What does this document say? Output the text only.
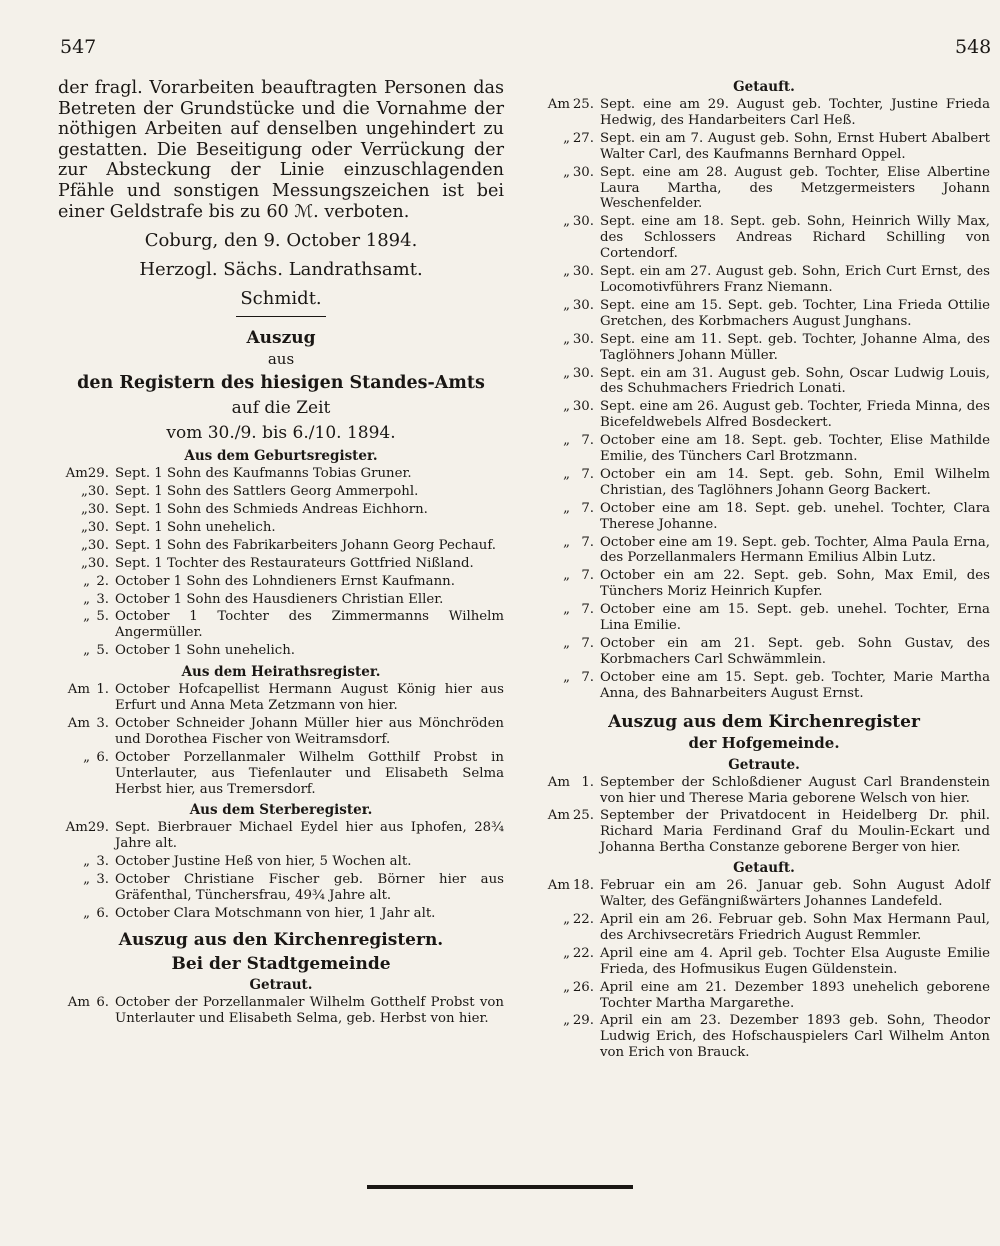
547	548

der fragl. Vorarbeiten beauftragten Personen das Betreten der Grundstücke und die Vornahme der nöthigen Arbeiten auf denselben ungehindert zu gestatten. Die Beseitigung oder Verrückung der zur Absteckung der Linie einzuschlagenden Pfähle und sonstigen Messungszeichen ist bei einer Geldstrafe bis zu 60 ℳ. verboten.

Coburg, den 9. October 1894.

Herzogl. Sächs. Landrathsamt.

Schmidt.

Auszug

aus

den Registern des hiesigen Standes-Amts

auf die Zeit

vom 30./9. bis 6./10. 1894.

Aus dem Geburtsregister.

Am 29. Sept. 1 Sohn des Kaufmanns Tobias Gruner.
„ 30. Sept. 1 Sohn des Sattlers Georg Ammerpohl.
„ 30. Sept. 1 Sohn des Schmieds Andreas Eichhorn.
„ 30. Sept. 1 Sohn unehelich.
„ 30. Sept. 1 Sohn des Fabrikarbeiters Johann Georg Pechauf.
„ 30. Sept. 1 Tochter des Restaurateurs Gottfried Nißland.
„ 2. October 1 Sohn des Lohndieners Ernst Kaufmann.
„ 3. October 1 Sohn des Hausdieners Christian Eller.
„ 5. October 1 Tochter des Zimmermanns Wilhelm Angermüller.
„ 5. October 1 Sohn unehelich.

Aus dem Heirathsregister.

Am 1. October Hofcapellist Hermann August König hier aus Erfurt und Anna Meta Zetzmann von hier.
Am 3. October Schneider Johann Müller hier aus Mönchröden und Dorothea Fischer von Weitramsdorf.
„ 6. October Porzellanmaler Wilhelm Gotthilf Probst in Unterlauter, aus Tiefenlauter und Elisabeth Selma Herbst hier, aus Tremersdorf.

Aus dem Sterberegister.

Am 29. Sept. Bierbrauer Michael Eydel hier aus Iphofen, 28¾ Jahre alt.
„ 3. October Justine Heß von hier, 5 Wochen alt.
„ 3. October Christiane Fischer geb. Börner hier aus Gräfenthal, Tünchersfrau, 49¾ Jahre alt.
„ 6. October Clara Motschmann von hier, 1 Jahr alt.

Auszug aus den Kirchenregistern.

Bei der Stadtgemeinde

Getraut.

Am 6. October der Porzellanmaler Wilhelm Gotthelf Probst von Unterlauter und Elisabeth Selma, geb. Herbst von hier.

Getauft.

Am 25. Sept. eine am 29. August geb. Tochter, Justine Frieda Hedwig, des Handarbeiters Carl Heß.
„ 27. Sept. ein am 7. August geb. Sohn, Ernst Hubert Abalbert Walter Carl, des Kaufmanns Bernhard Oppel.
„ 30. Sept. eine am 28. August geb. Tochter, Elise Albertine Laura Martha, des Metzgermeisters Johann Weschenfelder.
„ 30. Sept. eine am 18. Sept. geb. Sohn, Heinrich Willy Max, des Schlossers Andreas Richard Schilling von Cortendorf.
„ 30. Sept. ein am 27. August geb. Sohn, Erich Curt Ernst, des Locomotivführers Franz Niemann.
„ 30. Sept. eine am 15. Sept. geb. Tochter, Lina Frieda Ottilie Gretchen, des Korbmachers August Junghans.
„ 30. Sept. eine am 11. Sept. geb. Tochter, Johanne Alma, des Taglöhners Johann Müller.
„ 30. Sept. ein am 31. August geb. Sohn, Oscar Ludwig Louis, des Schuhmachers Friedrich Lonati.
„ 30. Sept. eine am 26. August geb. Tochter, Frieda Minna, des Bicefeldwebels Alfred Bosdeckert.
„ 7. October eine am 18. Sept. geb. Tochter, Elise Mathilde Emilie, des Tünchers Carl Brotzmann.
„ 7. October ein am 14. Sept. geb. Sohn, Emil Wilhelm Christian, des Taglöhners Johann Georg Backert.
„ 7. October eine am 18. Sept. geb. unehel. Tochter, Clara Therese Johanne.
„ 7. October eine am 19. Sept. geb. Tochter, Alma Paula Erna, des Porzellanmalers Hermann Emilius Albin Lutz.
„ 7. October ein am 22. Sept. geb. Sohn, Max Emil, des Tünchers Moriz Heinrich Kupfer.
„ 7. October eine am 15. Sept. geb. unehel. Tochter, Erna Lina Emilie.
„ 7. October ein am 21. Sept. geb. Sohn Gustav, des Korbmachers Carl Schwämmlein.
„ 7. October eine am 15. Sept. geb. Tochter, Marie Martha Anna, des Bahnarbeiters August Ernst.

Auszug aus dem Kirchenregister

der Hofgemeinde.

Getraute.

Am 1. September der Schloßdiener August Carl Brandenstein von hier und Therese Maria geborene Welsch von hier.
Am 25. September der Privatdocent in Heidelberg Dr. phil. Richard Maria Ferdinand Graf du Moulin-Eckart und Johanna Bertha Constanze geborene Berger von hier.

Getauft.

Am 18. Februar ein am 26. Januar geb. Sohn August Adolf Walter, des Gefängnißwärters Johannes Landefeld.
„ 22. April ein am 26. Februar geb. Sohn Max Hermann Paul, des Archivsecretärs Friedrich August Remmler.
„ 22. April eine am 4. April geb. Tochter Elsa Auguste Emilie Frieda, des Hofmusikus Eugen Güldenstein.
„ 26. April eine am 21. Dezember 1893 unehelich geborene Tochter Martha Margarethe.
„ 29. April ein am 23. Dezember 1893 geb. Sohn, Theodor Ludwig Erich, des Hofschauspielers Carl Wilhelm Anton von Erich von Brauck.
